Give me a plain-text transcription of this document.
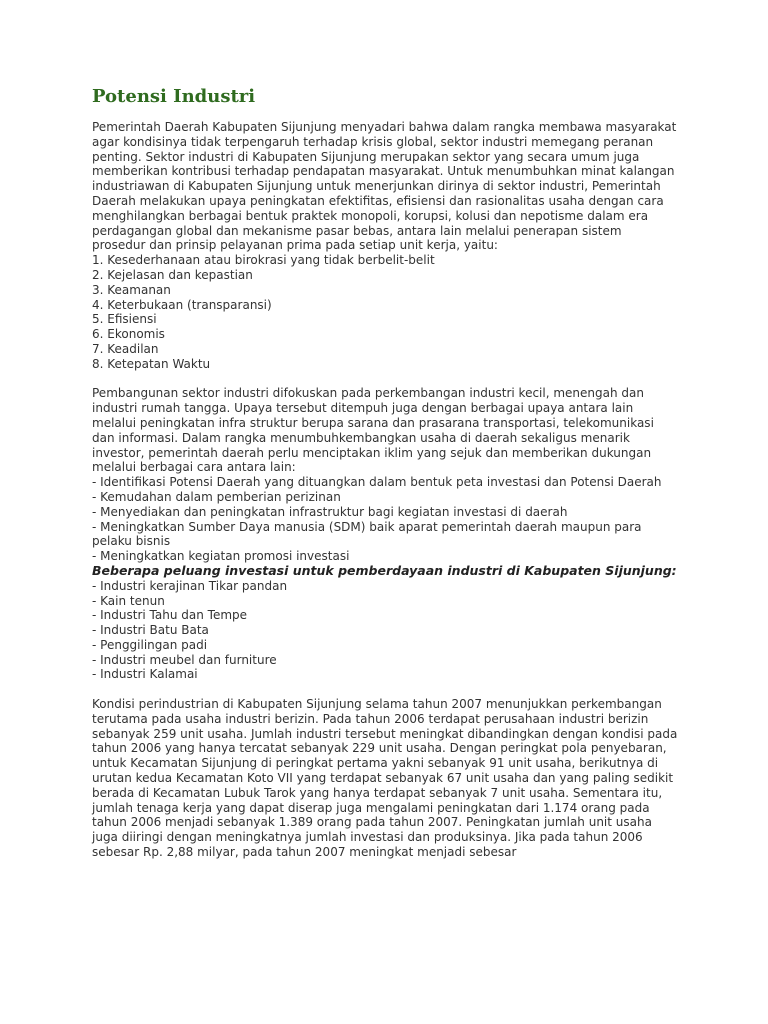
Potensi Industri

Pemerintah Daerah Kabupaten Sijunjung menyadari bahwa dalam rangka membawa masyarakat agar kondisinya tidak terpengaruh terhadap krisis global, sektor industri memegang peranan penting. Sektor industri di Kabupaten Sijunjung merupakan sektor yang secara umum juga memberikan kontribusi terhadap pendapatan masyarakat. Untuk menumbuhkan minat kalangan industriawan di Kabupaten Sijunjung untuk menerjunkan dirinya di sektor industri, Pemerintah Daerah melakukan upaya peningkatan efektifitas, efisiensi dan rasionalitas usaha dengan cara menghilangkan berbagai bentuk praktek monopoli, korupsi, kolusi dan nepotisme dalam era perdagangan global dan mekanisme pasar bebas, antara lain melalui penerapan sistem prosedur dan prinsip pelayanan prima pada setiap unit kerja, yaitu:

1. Kesederhanaan atau birokrasi yang tidak berbelit-belit
2. Kejelasan dan kepastian
3. Keamanan
4. Keterbukaan (transparansi)
5. Efisiensi
6. Ekonomis
7. Keadilan
8. Ketepatan Waktu

Pembangunan sektor industri difokuskan pada perkembangan industri kecil, menengah dan industri rumah tangga. Upaya tersebut ditempuh juga dengan berbagai upaya antara lain melalui peningkatan infra struktur berupa sarana dan prasarana transportasi, telekomunikasi dan informasi. Dalam rangka menumbuhkembangkan usaha di daerah sekaligus menarik investor, pemerintah daerah perlu menciptakan iklim yang sejuk dan memberikan dukungan melalui berbagai cara antara lain:

- Identifikasi Potensi Daerah yang dituangkan dalam bentuk peta investasi dan Potensi Daerah
- Kemudahan dalam pemberian perizinan
- Menyediakan dan peningkatan infrastruktur bagi kegiatan investasi di daerah
- Meningkatkan Sumber Daya manusia (SDM) baik aparat pemerintah daerah maupun para pelaku bisnis
- Meningkatkan kegiatan promosi investasi

Beberapa peluang investasi untuk pemberdayaan industri di Kabupaten Sijunjung:

- Industri kerajinan Tikar pandan
- Kain tenun
- Industri Tahu dan Tempe
- Industri Batu Bata
- Penggilingan padi
- Industri meubel dan furniture
- Industri Kalamai

Kondisi perindustrian di Kabupaten Sijunjung selama tahun 2007 menunjukkan perkembangan terutama pada usaha industri berizin. Pada tahun 2006 terdapat perusahaan industri berizin sebanyak 259 unit usaha. Jumlah industri tersebut meningkat dibandingkan dengan kondisi pada tahun 2006 yang hanya tercatat sebanyak 229 unit usaha. Dengan peringkat pola penyebaran, untuk Kecamatan Sijunjung di peringkat pertama yakni sebanyak 91 unit usaha, berikutnya di urutan kedua Kecamatan Koto VII yang terdapat sebanyak 67 unit usaha dan yang paling sedikit berada di Kecamatan Lubuk Tarok yang hanya terdapat sebanyak 7 unit usaha. Sementara itu, jumlah tenaga kerja yang dapat diserap juga mengalami peningkatan dari 1.174 orang pada tahun 2006 menjadi sebanyak 1.389 orang pada tahun 2007. Peningkatan jumlah unit usaha juga diiringi dengan meningkatnya jumlah investasi dan produksinya. Jika pada tahun 2006 sebesar Rp. 2,88 milyar, pada tahun 2007 meningkat menjadi sebesar
